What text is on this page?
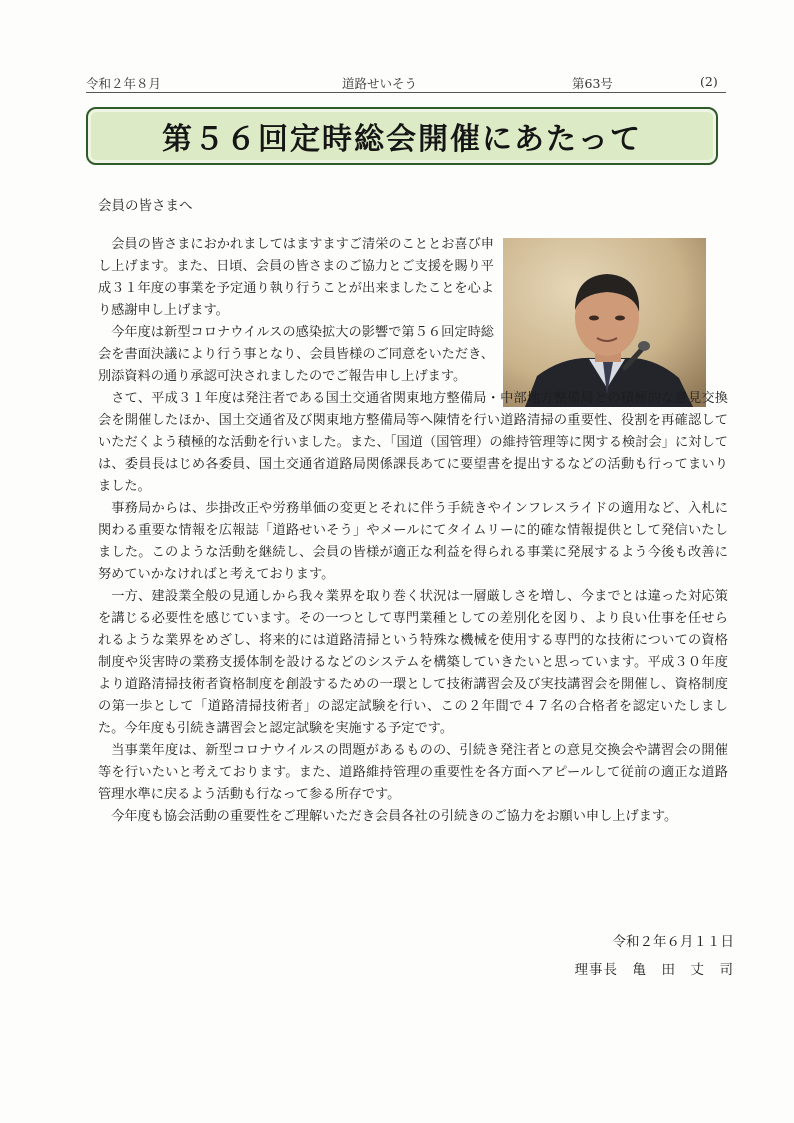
令和２年８月	道路せいそう	第63号	(2)
第５６回定時総会開催にあたって
会員の皆さまへ

会員の皆さまにおかれましてはますますご清栄のこととお喜び申し上げます。また、日頃、会員の皆さまのご協力とご支援を賜り平成３１年度の事業を予定通り執り行うことが出来ましたことを心より感謝申し上げます。

今年度は新型コロナウイルスの感染拡大の影響で第５６回定時総会を書面決議により行う事となり、会員皆様のご同意をいただき、別添資料の通り承認可決されましたのでご報告申し上げます。

さて、平成３１年度は発注者である国土交通省関東地方整備局・中部地方整備局との積極的な意見交換会を開催したほか、国土交通省及び関東地方整備局等へ陳情を行い道路清掃の重要性、役割を再確認していただくよう積極的な活動を行いました。また、「国道（国管理）の維持管理等に関する検討会」に対しては、委員長はじめ各委員、国土交通省道路局関係課長あてに要望書を提出するなどの活動も行ってまいりました。

事務局からは、歩掛改正や労務単価の変更とそれに伴う手続きやインフレスライドの適用など、入札に関わる重要な情報を広報誌「道路せいそう」やメールにてタイムリーに的確な情報提供として発信いたしました。このような活動を継続し、会員の皆様が適正な利益を得られる事業に発展するよう今後も改善に努めていかなければと考えております。

一方、建設業全般の見通しから我々業界を取り巻く状況は一層厳しさを増し、今までとは違った対応策を講じる必要性を感じています。その一つとして専門業種としての差別化を図り、より良い仕事を任せられるような業界をめざし、将来的には道路清掃という特殊な機械を使用する専門的な技術についての資格制度や災害時の業務支援体制を設けるなどのシステムを構築していきたいと思っています。平成３０年度より道路清掃技術者資格制度を創設するための一環として技術講習会及び実技講習会を開催し、資格制度の第一歩として「道路清掃技術者」の認定試験を行い、この２年間で４７名の合格者を認定いたしました。今年度も引続き講習会と認定試験を実施する予定です。

当事業年度は、新型コロナウイルスの問題があるものの、引続き発注者との意見交換会や講習会の開催等を行いたいと考えております。また、道路維持管理の重要性を各方面へアピールして従前の適正な道路管理水準に戻るよう活動も行なって参る所存です。

今年度も協会活動の重要性をご理解いただき会員各社の引続きのご協力をお願い申し上げます。

令和２年６月１１日
理事長　亀　田　丈　司
